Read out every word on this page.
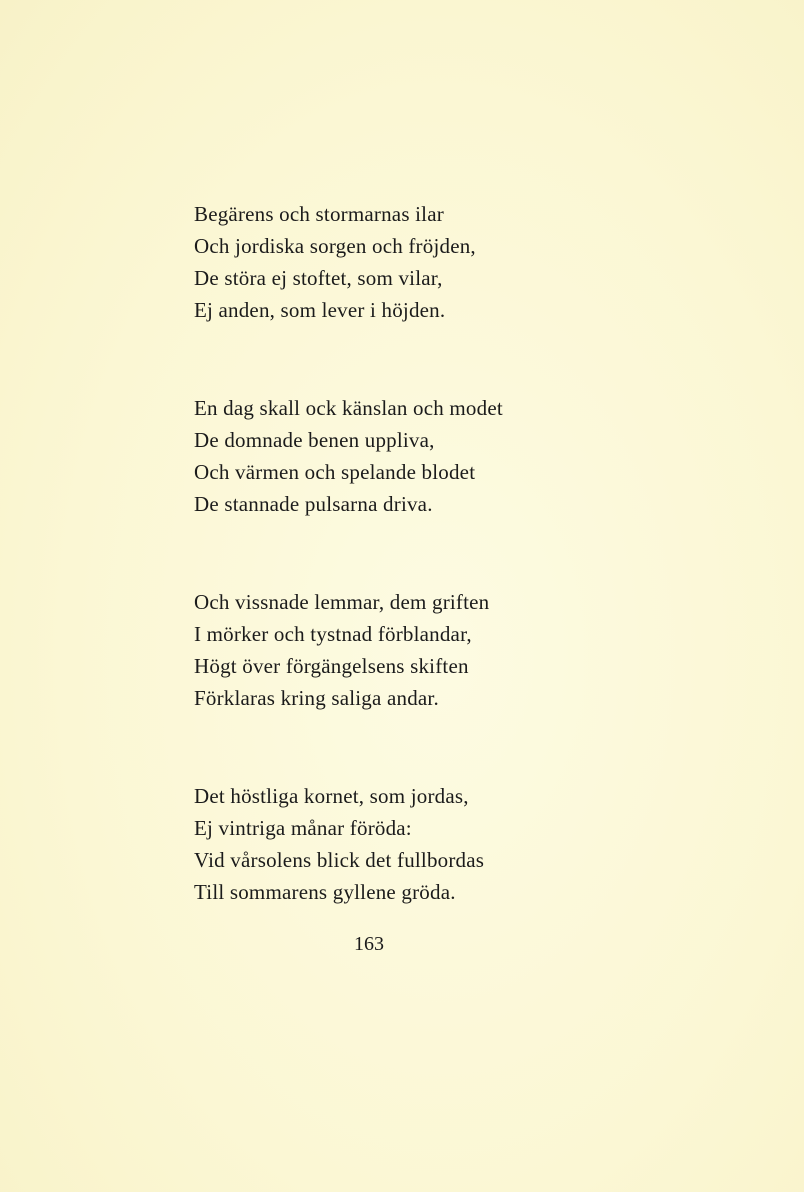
Begärens och stormarnas ilar
Och jordiska sorgen och fröjden,
De störa ej stoftet, som vilar,
Ej anden, som lever i höjden.

En dag skall ock känslan och modet
De domnade benen uppliva,
Och värmen och spelande blodet
De stannade pulsarna driva.

Och vissnade lemmar, dem griften
I mörker och tystnad förblandar,
Högt över förgängelsens skiften
Förklaras kring saliga andar.

Det höstliga kornet, som jordas,
Ej vintriga månar föröda:
Vid vårsolens blick det fullbordas
Till sommarens gyllene gröda.

163
